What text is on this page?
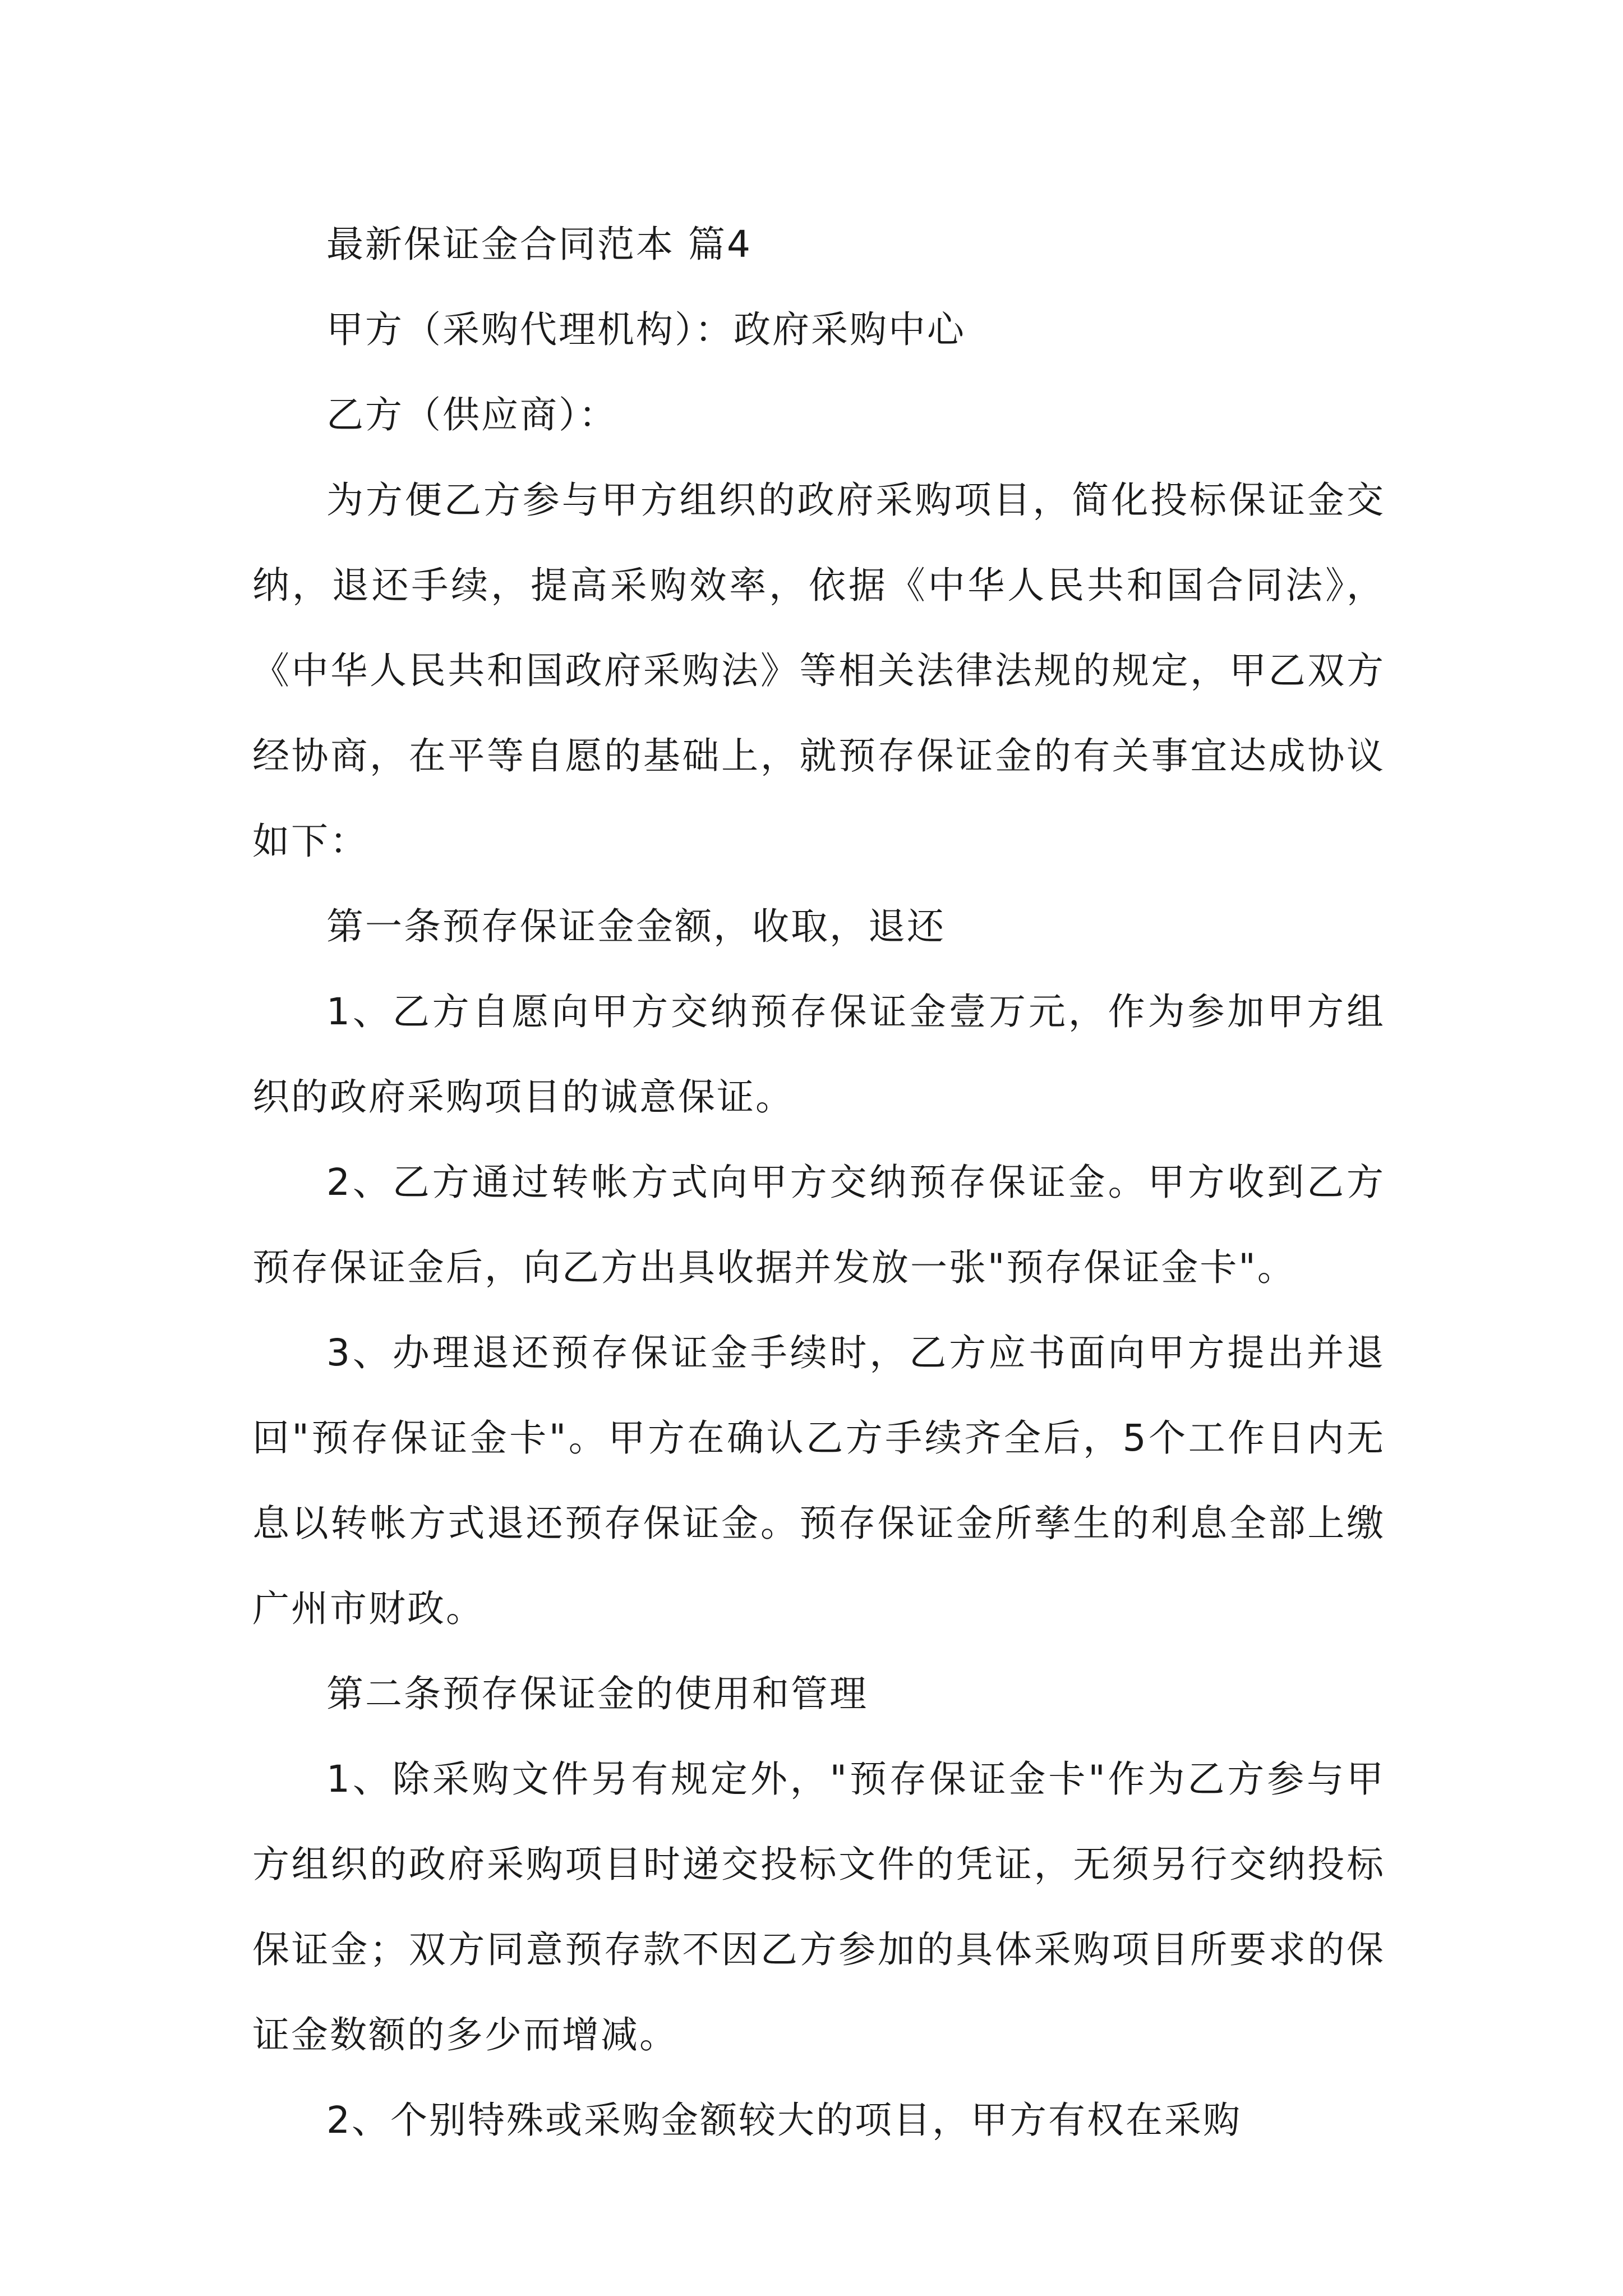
最新保证金合同范本 篇4

甲方（采购代理机构）：政府采购中心

乙方（供应商）：

为方便乙方参与甲方组织的政府采购项目，简化投标保证金交纳，退还手续，提高采购效率，依据《中华人民共和国合同法》，《中华人民共和国政府采购法》等相关法律法规的规定，甲乙双方经协商，在平等自愿的基础上，就预存保证金的有关事宜达成协议如下：

第一条预存保证金金额，收取，退还

1、乙方自愿向甲方交纳预存保证金壹万元，作为参加甲方组织的政府采购项目的诚意保证。

2、乙方通过转帐方式向甲方交纳预存保证金。甲方收到乙方预存保证金后，向乙方出具收据并发放一张"预存保证金卡"。

3、办理退还预存保证金手续时，乙方应书面向甲方提出并退回"预存保证金卡"。甲方在确认乙方手续齐全后，5个工作日内无息以转帐方式退还预存保证金。预存保证金所孳生的利息全部上缴广州市财政。

第二条预存保证金的使用和管理

1、除采购文件另有规定外，"预存保证金卡"作为乙方参与甲方组织的政府采购项目时递交投标文件的凭证，无须另行交纳投标保证金；双方同意预存款不因乙方参加的具体采购项目所要求的保证金数额的多少而增减。

2、个别特殊或采购金额较大的项目，甲方有权在采购
